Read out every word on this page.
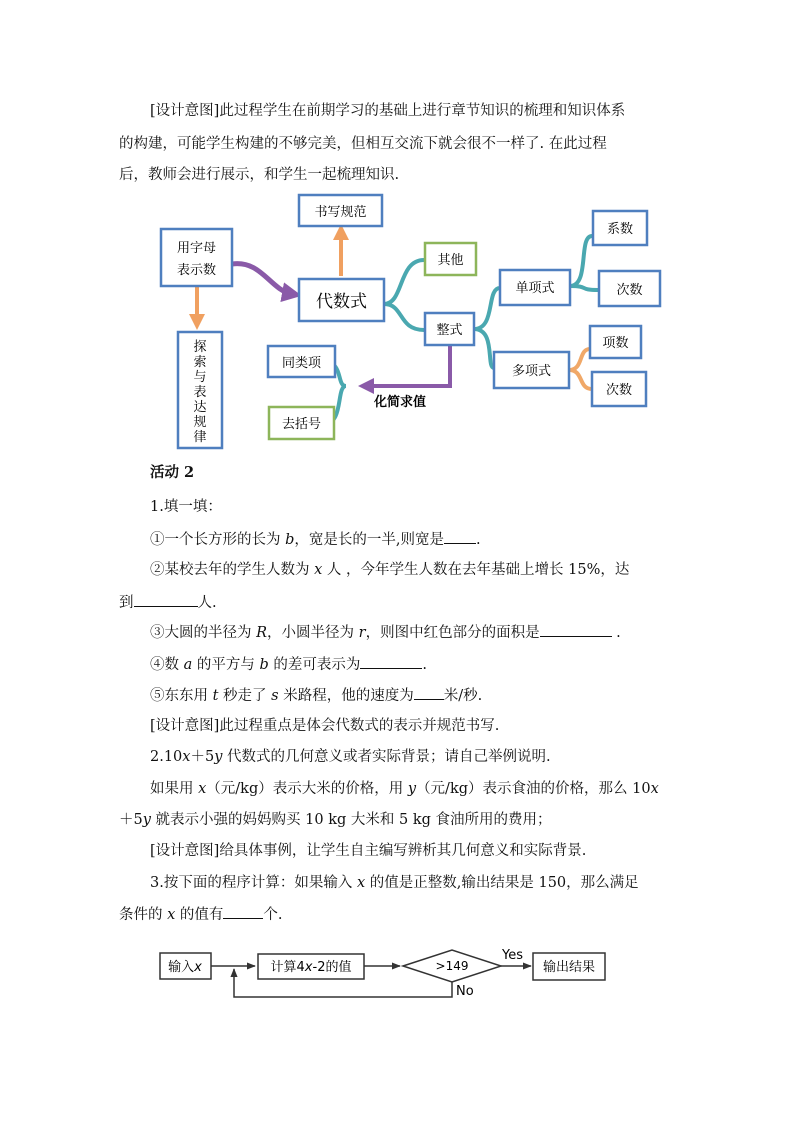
[设计意图]此过程学生在前期学习的基础上进行章节知识的梳理和知识体系
的构建，可能学生构建的不够完美，但相互交流下就会很不一样了. 在此过程
后，教师会进行展示，和学生一起梳理知识.
用字母
表示数
书写规范
代数式
探
索
与
表
达
规
律
其他
整式
单项式
多项式
系数
次数
项数
次数
同类项
去括号
化简求值
活动 2
1.填一填：
①一个长方形的长为 b，宽是长的一半,则宽是 .
②某校去年的学生人数为 x 人 ，今年学生人数在去年基础上增长 15%，达
到	人.
③大圆的半径为 R，小圆半径为 r，则图中红色部分的面积是	.
④数 a 的平方与 b 的差可表示为	.
⑤东东用 t 秒走了 s 米路程，他的速度为 米/秒.
[设计意图]此过程重点是体会代数式的表示并规范书写.
2.10x＋5y 代数式的几何意义或者实际背景；请自己举例说明.
如果用 x（元/kg）表示大米的价格，用 y（元/kg）表示食油的价格，那么 10x
＋5y 就表示小强的妈妈购买 10 kg 大米和 5 kg 食油所用的费用；
[设计意图]给具体事例，让学生自主编写辨析其几何意义和实际背景.
3.按下面的程序计算：如果输入 x 的值是正整数,输出结果是 150，那么满足
条件的 x 的值有	个.
输入x	计算4x-2的值	>149
Yes
输出结果
No
